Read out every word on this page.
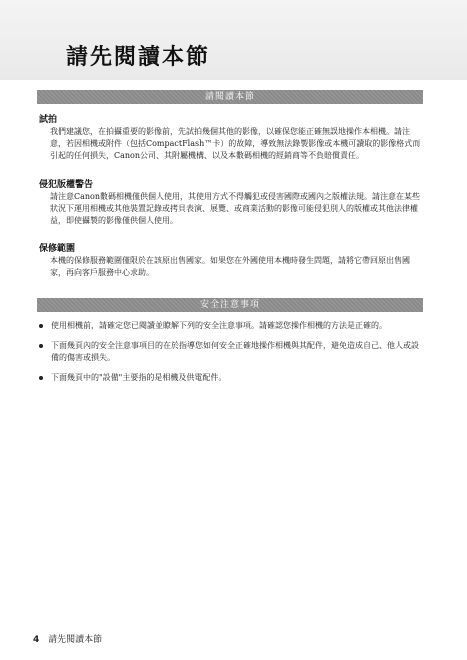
請先閱讀本節
請閱讀本節
試拍

我們建議您，在拍攝重要的影像前，先試拍幾個其他的影像，以確保您能正確無誤地操作本相機。請注意，若因相機或附件（包括CompactFlash™卡）的故障，導致無法錄製影像或本機可讀取的影像格式而引起的任何損失，Canon公司、其附屬機構、以及本數碼相機的經銷商等不負賠償責任。

侵犯版權警告

請注意Canon數碼相機僅供個人使用，其使用方式不得觸犯或侵害國際或國內之版權法規。請注意在某些狀況下運用相機或其他裝置記錄或拷貝表演、展覽、或商業活動的影像可能侵犯別人的版權或其他法律權益，即使攝製的影像僅供個人使用。

保修範圍

本機的保修服務範圍僅限於在該原出售國家。如果您在外國使用本機時發生問題，請將它帶回原出售國家，再向客戶服務中心求助。

安全注意事項
使用相機前，請確定您已閱讀並瞭解下列的安全注意事項。請確認您操作相機的方法是正確的。
下面幾頁內的安全注意事項目的在於指導您如何安全正確地操作相機與其配件，避免造成自己、他人或設備的傷害或損失。
下面幾頁中的"設備"主要指的是相機及供電配件。
4 請先閱讀本節
